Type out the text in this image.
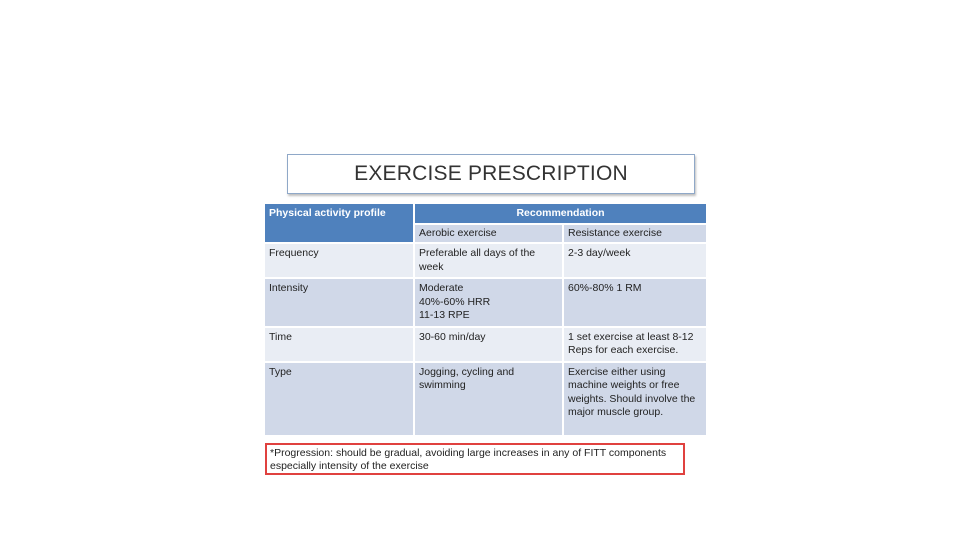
EXERCISE PRESCRIPTION
Physical activity profile	Recommendation	
	Aerobic exercise	Resistance exercise
Frequency	Preferable all days of the week	2-3 day/week
Intensity	Moderate
40%-60% HRR
11-13 RPE	60%-80% 1 RM
Time	30-60 min/day	1 set exercise at least 8-12 Reps for each exercise.
Type	Jogging, cycling and swimming	Exercise either using machine weights or free weights. Should involve the major muscle group.
*Progression: should be gradual, avoiding large increases in any of FITT components especially intensity of the exercise
